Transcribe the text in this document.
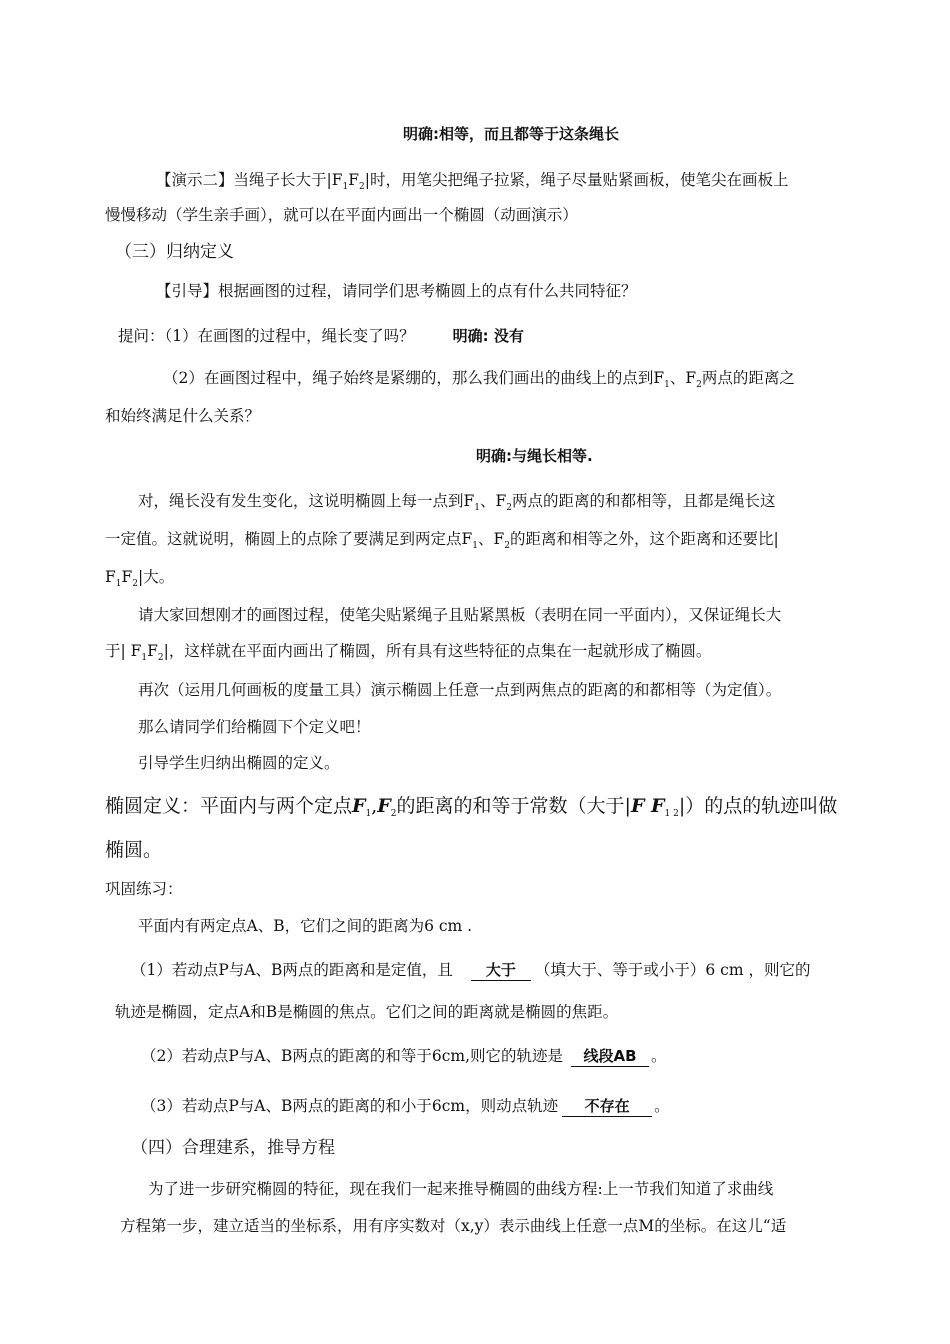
明确:相等，而且都等于这条绳长
【演示二】当绳子长大于$|F_1F_2|$时，用笔尖把绳子拉紧，绳子尽量贴紧画板，使笔尖在画板上
慢慢移动（学生亲手画），就可以在平面内画出一个椭圆（动画演示）
（三）归纳定义
【引导】根据画图的过程，请同学们思考椭圆上的点有什么共同特征？
提问：（1）在画图的过程中，绳长变了吗？	明确: 没有
（2）在画图过程中，绳子始终是紧绷的，那么我们画出的曲线上的点到$F_1$、$F_2$两点的距离之
和始终满足什么关系？
明确:与绳长相等.
对，绳长没有发生变化，这说明椭圆上每一点到$F_1$、$F_2$两点的距离的和都相等，且都是绳长这
一定值。这就说明，椭圆上的点除了要满足到两定点$F_1$、$F_2$的距离和相等之外，这个距离和还要比|
$F_1F_2|$大。
请大家回想刚才的画图过程，使笔尖贴紧绳子且贴紧黑板（表明在同一平面内），又保证绳长大
于| $F_1F_2|$，这样就在平面内画出了椭圆，所有具有这些特征的点集在一起就形成了椭圆。
再次（运用几何画板的度量工具）演示椭圆上任意一点到两焦点的距离的和都相等（为定值）。
那么请同学们给椭圆下个定义吧！
引导学生归纳出椭圆的定义。
椭圆定义：平面内与两个定点$F_1,F_2$的距离的和等于常数（大于|F $F_{1 2}|$）的点的轨迹叫做
椭圆。
巩固练习：
平面内有两定点A、B，它们之间的距离为6 cm .
（1）若动点P与A、B两点的距离和是定值，且 大于 （填大于、等于或小于）6 cm ，则它的
轨迹是椭圆，定点A和B是椭圆的焦点。它们之间的距离就是椭圆的焦距。
（2）若动点P与A、B两点的距离的和等于6cm,则它的轨迹是 线段AB 。
（3）若动点P与A、B两点的距离的和小于6cm，则动点轨迹 不存在 。
（四）合理建系，推导方程
为了进一步研究椭圆的特征，现在我们一起来推导椭圆的曲线方程:上一节我们知道了求曲线
方程第一步，建立适当的坐标系，用有序实数对（x,y）表示曲线上任意一点M的坐标。在这儿“适
